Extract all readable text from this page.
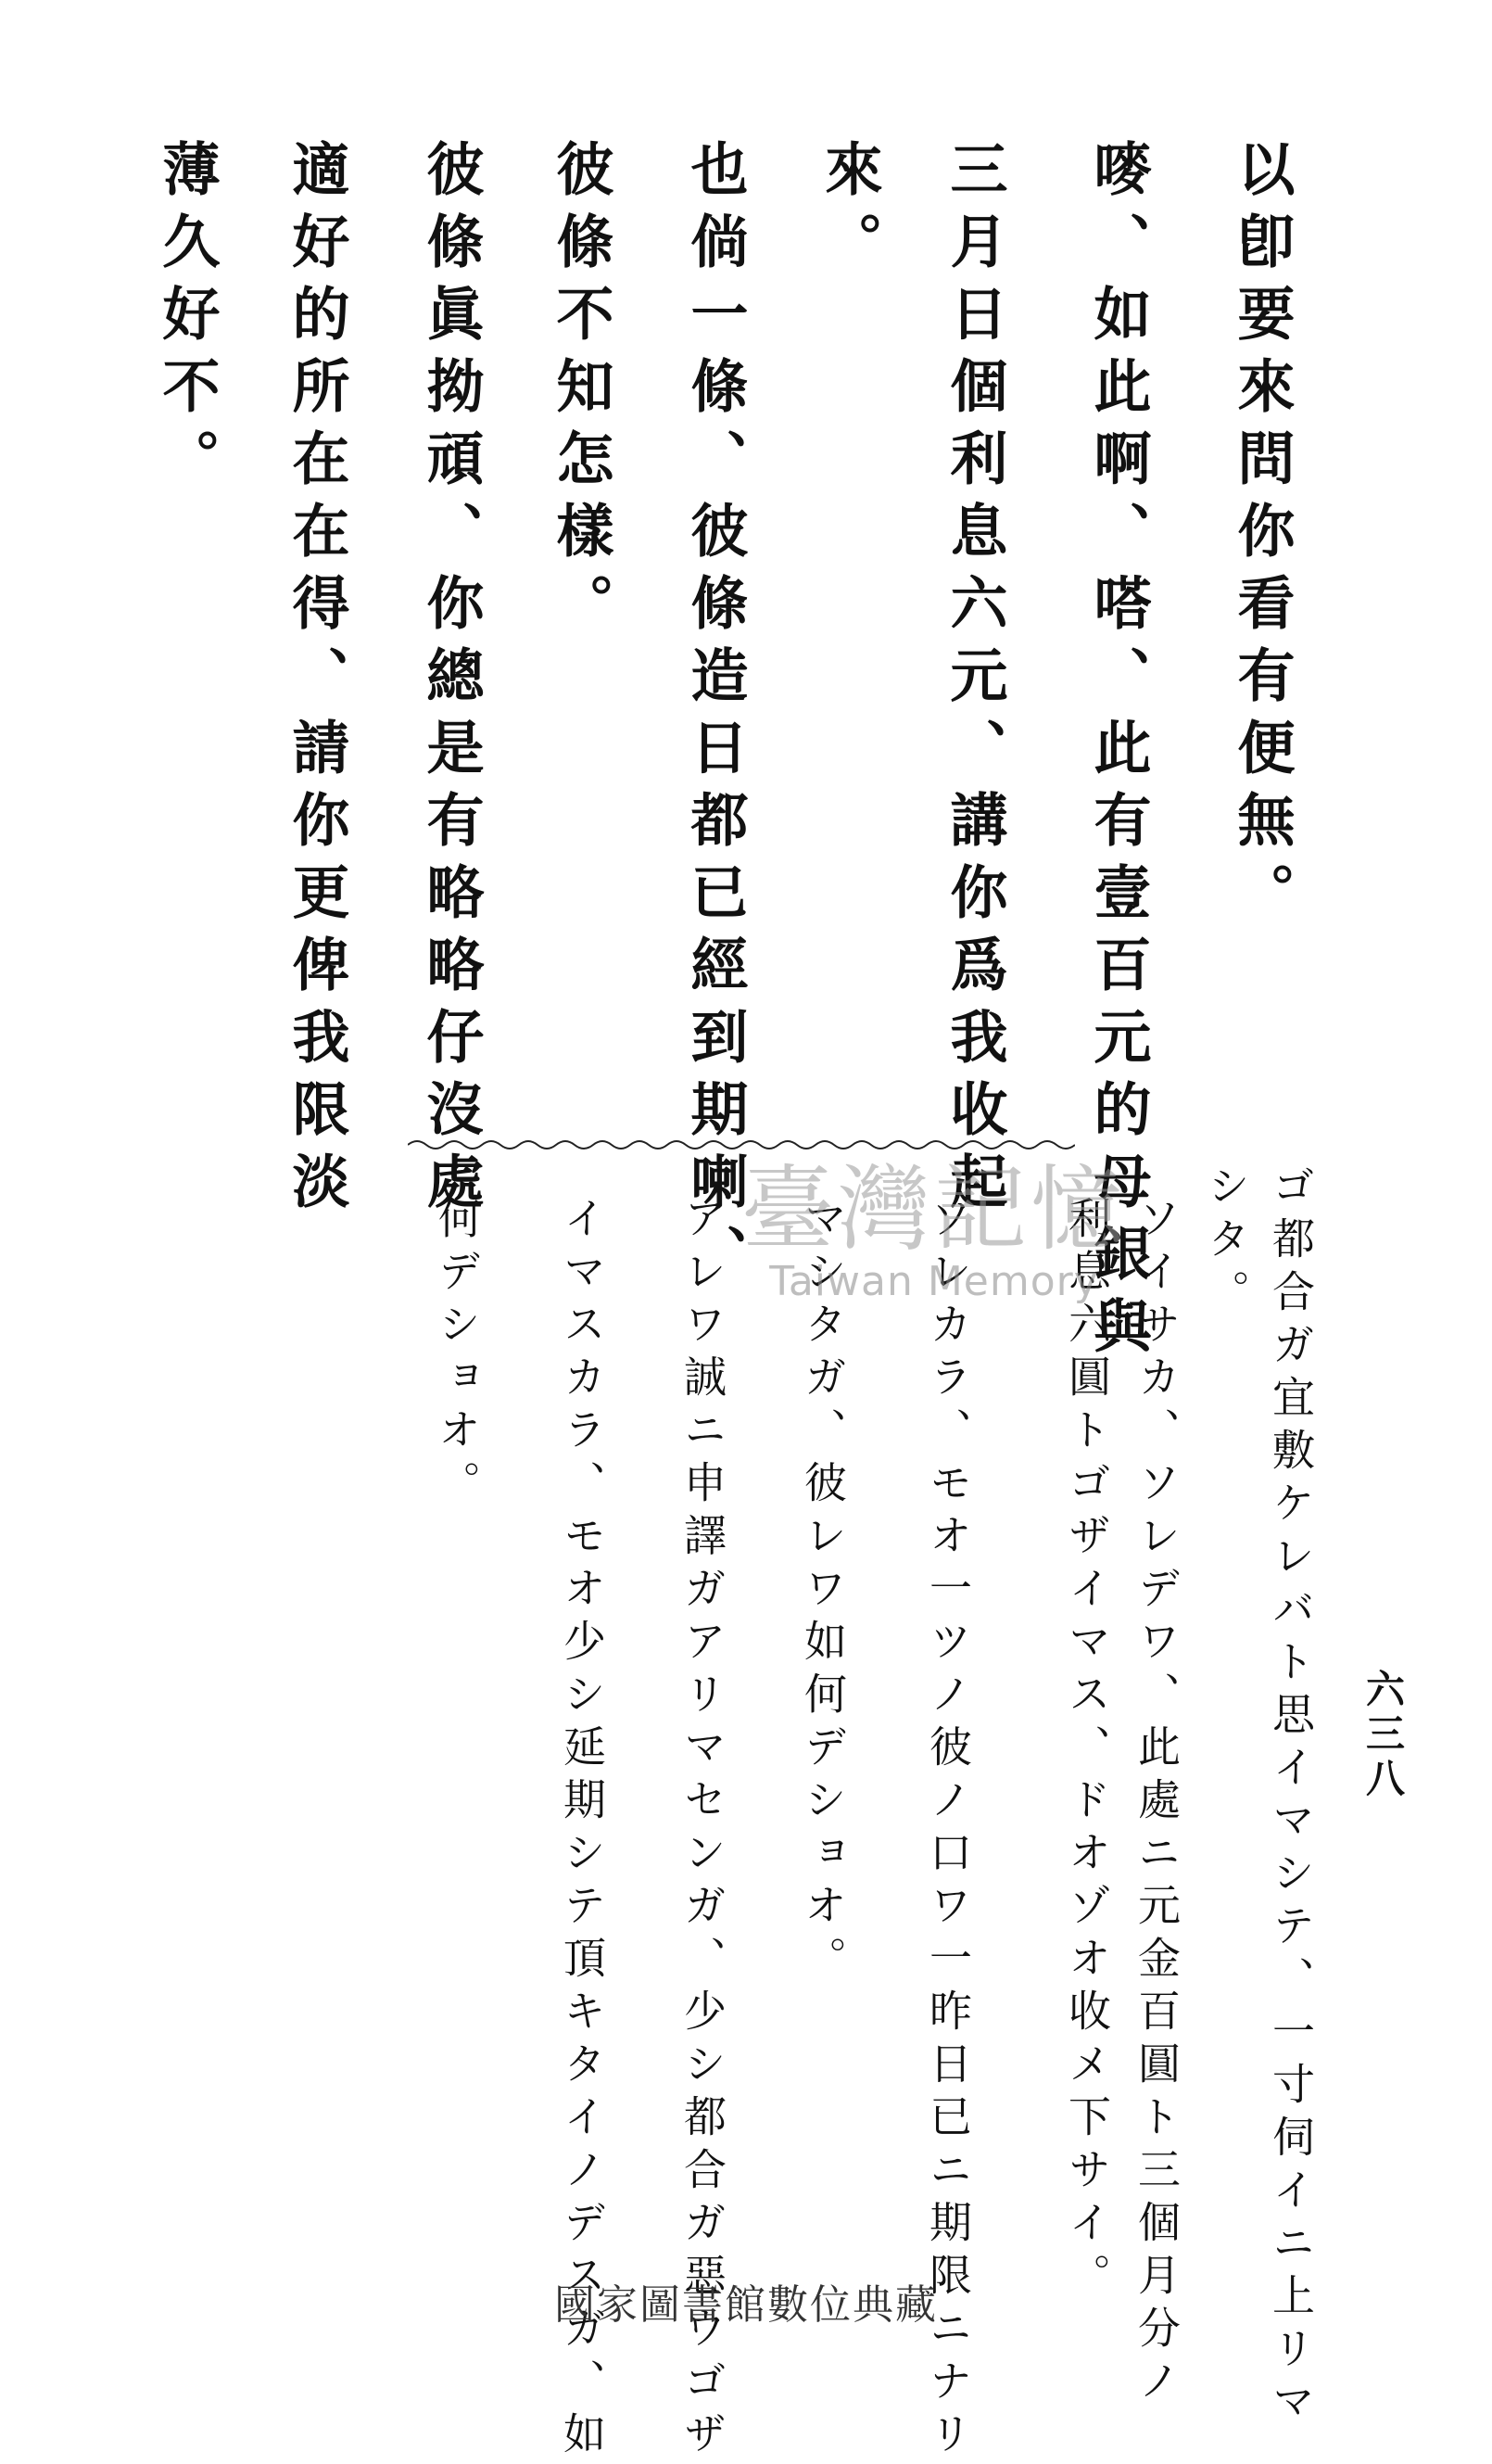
以卽要來問你看有便無。
嘜、如此啊、嗒、此有壹百元的母銀與
三月日個利息六元、講你爲我收起
來。
也倘一條、彼條造日都已經到期喇、
彼條不知怎樣。
彼條眞拗頑、你總是有略略仔沒處
適好的所在在得、請你更俾我限淡
薄久好不。
ゴ都合ガ宜敷ケレバト思イマシテ、一寸伺イニ上リマ
シタ。
ソイサカ、ソレデワ、此處ニ元金百圓ト三個月分ノ
利息六圓トゴザイマス、ドオゾオ收メ下サイ。
ソレカラ、モオ一ツノ彼ノ口ワ一昨日已ニ期限ニナリ
マシタガ、彼レワ如何デショオ。
アレワ誠ニ申譯ガアリマセンガ、少シ都合ガ惡ウゴザ
イマスカラ、モオ少シ延期シテ頂キタイノデスガ、如
何デショオ。
六三八
臺灣記憶
Taiwan Memory
國家圖書館數位典藏
